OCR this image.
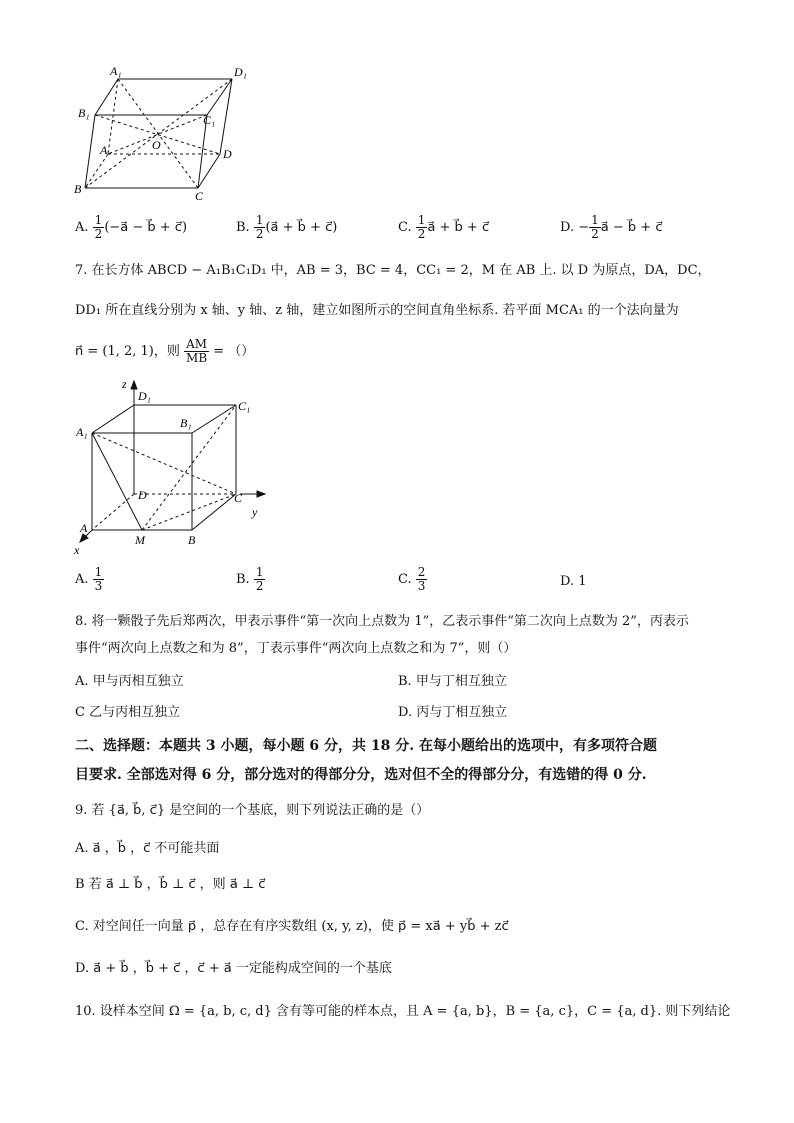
A₁	D₁
B₁	C₁
O
A	D
B	C
A. $\frac{1}{2}$ (−a⃗ − b⃗ + c⃗)	B. $\frac{1}{2}$ (a⃗ + b⃗ + c⃗)	C. $\frac{1}{2}$ a⃗ + b⃗ + c⃗	D. − $\frac{1}{2}$ a⃗ − b⃗ + c⃗
7. 在长方体 ABCD − A₁B₁C₁D₁ 中，AB = 3，BC = 4，CC₁ = 2，M 在 AB 上. 以 D 为原点，DA，DC，
DD₁ 所在直线分别为 x 轴、y 轴、z 轴，建立如图所示的空间直角坐标系. 若平面 MCA₁ 的一个法向量为
n⃗ = (1, 2, 1)，则 $\frac{AM}{MB}$ = （）
z
D₁
C₁
A₁
B₁
D	C
y
A
M	B
x
A. $\frac{1}{3}$	B. $\frac{1}{2}$	C. $\frac{2}{3}$	D. 1
8. 将一颗骰子先后郑两次，甲表示事件“第一次向上点数为 1”，乙表示事件“第二次向上点数为 2”，丙表示
事件“两次向上点数之和为 8”，丁表示事件“两次向上点数之和为 7”，则（）
A. 甲与丙相互独立	B. 甲与丁相互独立
C 乙与丙相互独立	D. 丙与丁相互独立
二、选择题：本题共 3 小题，每小题 6 分，共 18 分. 在每小题给出的选项中，有多项符合题
目要求. 全部选对得 6 分，部分选对的得部分分，选对但不全的得部分分，有选错的得 0 分.
9. 若 {a⃗, b⃗, c⃗} 是空间的一个基底，则下列说法正确的是（）
A. a⃗ ，b⃗ ，c⃗ 不可能共面
B 若 a⃗ ⊥ b⃗ ，b⃗ ⊥ c⃗ ，则 a⃗ ⊥ c⃗
C. 对空间任一向量 p⃗ ，总存在有序实数组 (x, y, z)，使 p⃗ = xa⃗ + yb⃗ + zc⃗
D. a⃗ + b⃗ ，b⃗ + c⃗ ，c⃗ + a⃗ 一定能构成空间的一个基底
10. 设样本空间 Ω = {a, b, c, d} 含有等可能的样本点，且 A = {a, b}，B = {a, c}，C = {a, d}. 则下列结论
